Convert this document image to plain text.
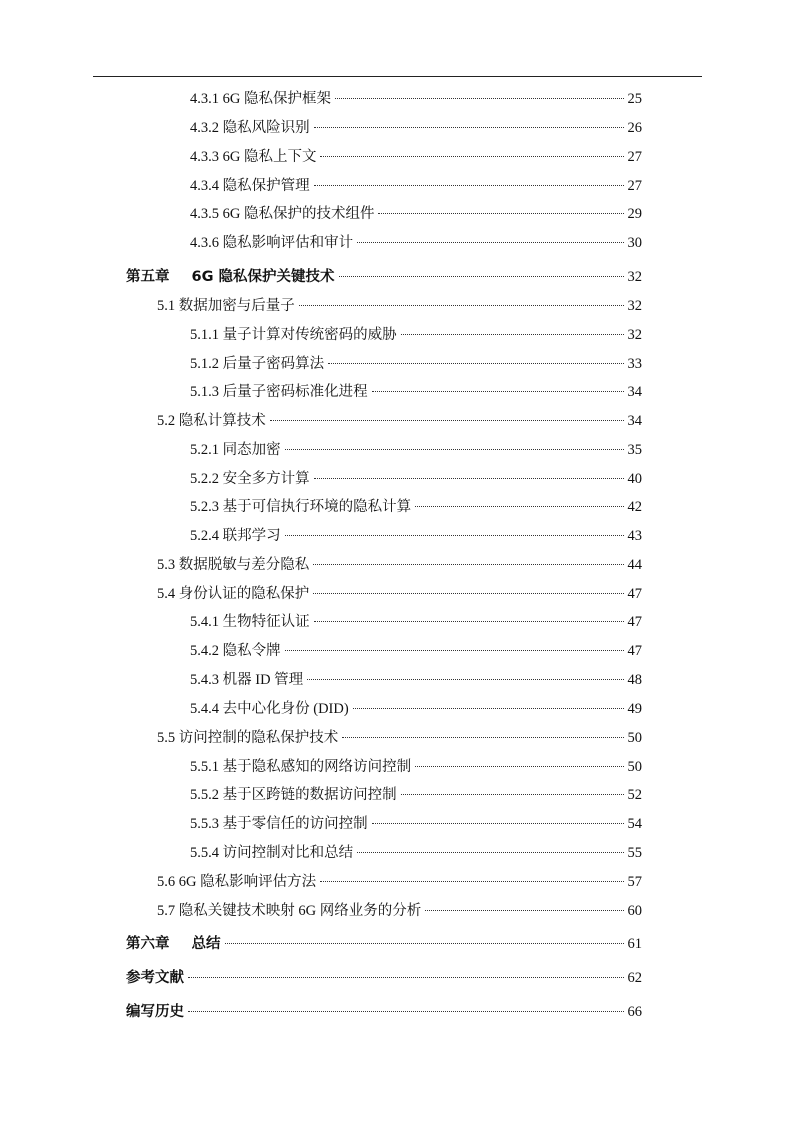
4.3.1 6G 隐私保护框架	25
4.3.2 隐私风险识别	26
4.3.3 6G 隐私上下文	27
4.3.4 隐私保护管理	27
4.3.5 6G 隐私保护的技术组件	29
4.3.6 隐私影响评估和审计	30
第五章 6G 隐私保护关键技术	32
5.1 数据加密与后量子	32
5.1.1 量子计算对传统密码的威胁	32
5.1.2 后量子密码算法	33
5.1.3 后量子密码标准化进程	34
5.2 隐私计算技术	34
5.2.1 同态加密	35
5.2.2 安全多方计算	40
5.2.3 基于可信执行环境的隐私计算	42
5.2.4 联邦学习	43
5.3 数据脱敏与差分隐私	44
5.4 身份认证的隐私保护	47
5.4.1 生物特征认证	47
5.4.2 隐私令牌	47
5.4.3 机器 ID 管理	48
5.4.4 去中心化身份 (DID)	49
5.5 访问控制的隐私保护技术	50
5.5.1 基于隐私感知的网络访问控制	50
5.5.2 基于区跨链的数据访问控制	52
5.5.3 基于零信任的访问控制	54
5.5.4 访问控制对比和总结	55
5.6 6G 隐私影响评估方法	57
5.7 隐私关键技术映射 6G 网络业务的分析	60
第六章 总结	61
参考文献	62
编写历史	66
